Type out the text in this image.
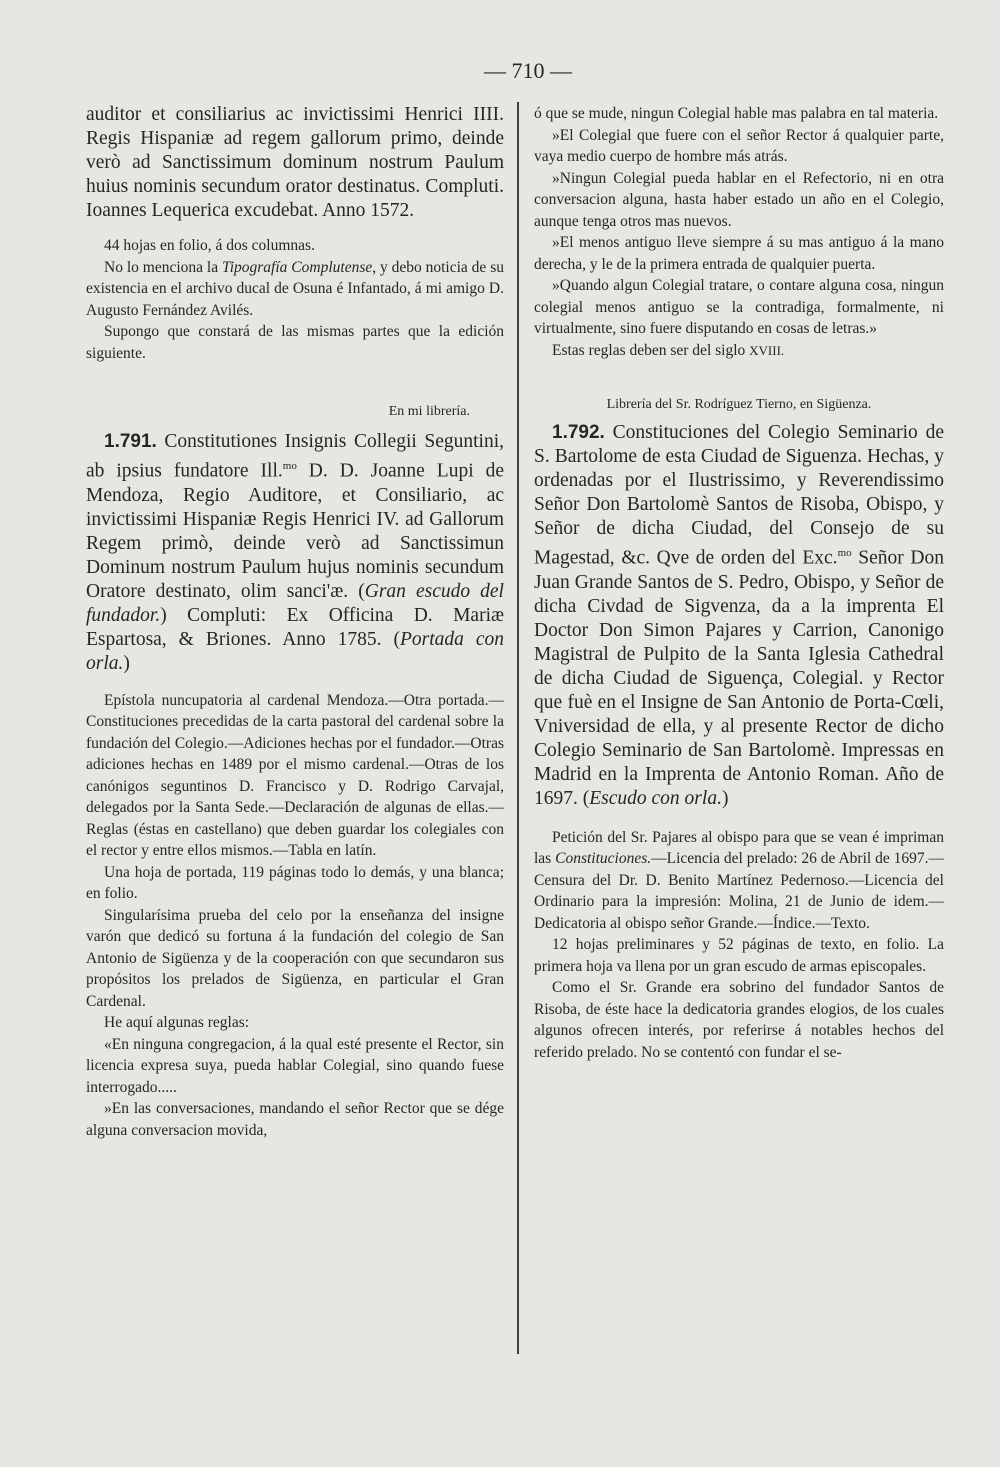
— 710 —

auditor et consiliarius ac invictissimi Henrici IIII. Regis Hispaniæ ad regem gallorum primo, deinde verò ad Sanctissimum dominum nostrum Paulum huius nominis secundum orator destinatus. Compluti. Ioannes Lequerica excudebat. Anno 1572.

44 hojas en folio, á dos columnas.

No lo menciona la Tipografía Complutense, y debo noticia de su existencia en el archivo ducal de Osuna é Infantado, á mi amigo D. Augusto Fernández Avilés.

Supongo que constará de las mismas partes que la edición siguiente.

En mi librería.

1.791. Constitutiones Insignis Collegii Seguntini, ab ipsius fundatore Ill.$^{mo}$ D. D. Joanne Lupi de Mendoza, Regio Auditore, et Consiliario, ac invictissimi Hispaniæ Regis Henrici IV. ad Gallorum Regem primò, deinde verò ad Sanctissimun Dominum nostrum Paulum hujus nominis secundum Oratore destinato, olim sanci'æ. (Gran escudo del fundador.) Compluti: Ex Officina D. Mariæ Espartosa, & Briones. Anno 1785. (Portada con orla.)

Epístola nuncupatoria al cardenal Mendoza.—Otra portada.—Constituciones precedidas de la carta pastoral del cardenal sobre la fundación del Colegio.—Adiciones hechas por el fundador.—Otras adiciones hechas en 1489 por el mismo cardenal.—Otras de los canónigos seguntinos D. Francisco y D. Rodrigo Carvajal, delegados por la Santa Sede.—Declaración de algunas de ellas.—Reglas (éstas en castellano) que deben guardar los colegiales con el rector y entre ellos mismos.—Tabla en latín.

Una hoja de portada, 119 páginas todo lo demás, y una blanca; en folio.

Singularísima prueba del celo por la enseñanza del insigne varón que dedicó su fortuna á la fundación del colegio de San Antonio de Sigüenza y de la cooperación con que secundaron sus propósitos los prelados de Sigüenza, en particular el Gran Cardenal.

He aquí algunas reglas:

«En ninguna congregacion, á la qual esté presente el Rector, sin licencia expresa suya, pueda hablar Colegial, sino quando fuese interrogado.....

»En las conversaciones, mandando el señor Rector que se dége alguna conversacion movida,

ó que se mude, ningun Colegial hable mas palabra en tal materia.

»El Colegial que fuere con el señor Rector á qualquier parte, vaya medio cuerpo de hombre más atrás.

»Ningun Colegial pueda hablar en el Refectorio, ni en otra conversacion alguna, hasta haber estado un año en el Colegio, aunque tenga otros mas nuevos.

»El menos antiguo lleve siempre á su mas antiguo á la mano derecha, y le de la primera entrada de qualquier puerta.

»Quando algun Colegial tratare, o contare alguna cosa, ningun colegial menos antiguo se la contradiga, formalmente, ni virtualmente, sino fuere disputando en cosas de letras.»

Estas reglas deben ser del siglo XVIII.

Librería del Sr. Rodríguez Tierno, en Sigüenza.

1.792. Constituciones del Colegio Seminario de S. Bartolome de esta Ciudad de Siguenza. Hechas, y ordenadas por el Ilustrissimo, y Reverendissimo Señor Don Bartolomè Santos de Risoba, Obispo, y Señor de dicha Ciudad, del Consejo de su Magestad, &c. Qve de orden del Exc.$^{mo}$ Señor Don Juan Grande Santos de S. Pedro, Obispo, y Señor de dicha Civdad de Sigvenza, da a la imprenta El Doctor Don Simon Pajares y Carrion, Canonigo Magistral de Pulpito de la Santa Iglesia Cathedral de dicha Ciudad de Siguença, Colegial. y Rector que fuè en el Insigne de San Antonio de Porta-Cœli, Vniversidad de ella, y al presente Rector de dicho Colegio Seminario de San Bartolomè. Impressas en Madrid en la Imprenta de Antonio Roman. Año de 1697. (Escudo con orla.)

Petición del Sr. Pajares al obispo para que se vean é impriman las Constituciones.—Licencia del prelado: 26 de Abril de 1697.—Censura del Dr. D. Benito Martínez Pedernoso.—Licencia del Ordinario para la impresión: Molina, 21 de Junio de idem.—Dedicatoria al obispo señor Grande.—Índice.—Texto.

12 hojas preliminares y 52 páginas de texto, en folio. La primera hoja va llena por un gran escudo de armas episcopales.

Como el Sr. Grande era sobrino del fundador Santos de Risoba, de éste hace la dedicatoria grandes elogios, de los cuales algunos ofrecen interés, por referirse á notables hechos del referido prelado. No se contentó con fundar el se-
